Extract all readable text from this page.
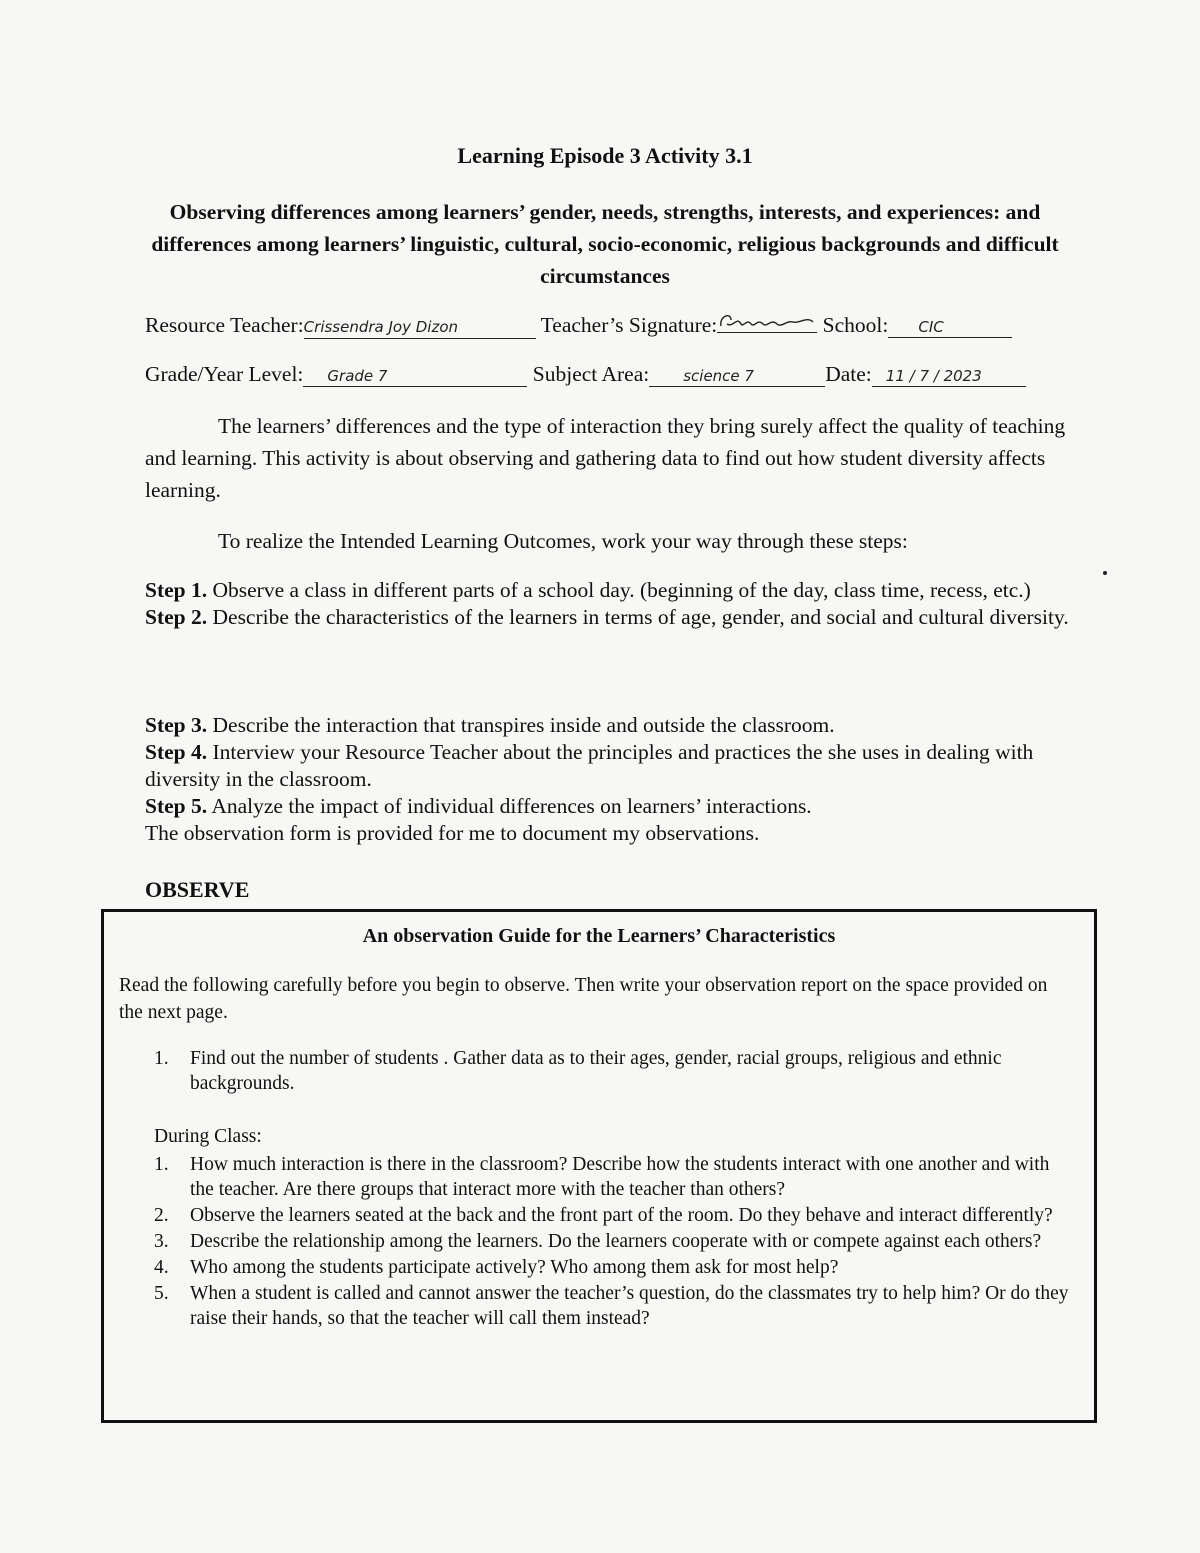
Learning Episode 3 Activity 3.1
Observing differences among learners’ gender, needs, strengths, interests, and experiences: and differences among learners’ linguistic, cultural, socio-economic, religious backgrounds and difficult circumstances
Resource Teacher:Crissendra Joy Dizon	Teacher’s Signature:	School: CIC
Grade/Year Level: Grade 7	Subject Area: science 7	Date: 11 / 7 / 2023
The learners’ differences and the type of interaction they bring surely affect the quality of teaching and learning. This activity is about observing and gathering data to find out how student diversity affects learning.
To realize the Intended Learning Outcomes, work your way through these steps:
Step 1. Observe a class in different parts of a school day. (beginning of the day, class time, recess, etc.)
Step 2. Describe the characteristics of the learners in terms of age, gender, and social and cultural diversity.
Step 3. Describe the interaction that transpires inside and outside the classroom.
Step 4. Interview your Resource Teacher about the principles and practices the she uses in dealing with diversity in the classroom.
Step 5. Analyze the impact of individual differences on learners’ interactions.
The observation form is provided for me to document my observations.
OBSERVE
An observation Guide for the Learners’ Characteristics
Read the following carefully before you begin to observe. Then write your observation report on the space provided on the next page.
1.	Find out the number of students . Gather data as to their ages, gender, racial groups, religious and ethnic backgrounds.
During Class:
1.	How much interaction is there in the classroom? Describe how the students interact with one another and with the teacher. Are there groups that interact more with the teacher than others?
2.	Observe the learners seated at the back and the front part of the room. Do they behave and interact differently?
3.	Describe the relationship among the learners. Do the learners cooperate with or compete against each others?
4.	Who among the students participate actively? Who among them ask for most help?
5.	When a student is called and cannot answer the teacher’s question, do the classmates try to help him? Or do they raise their hands, so that the teacher will call them instead?
